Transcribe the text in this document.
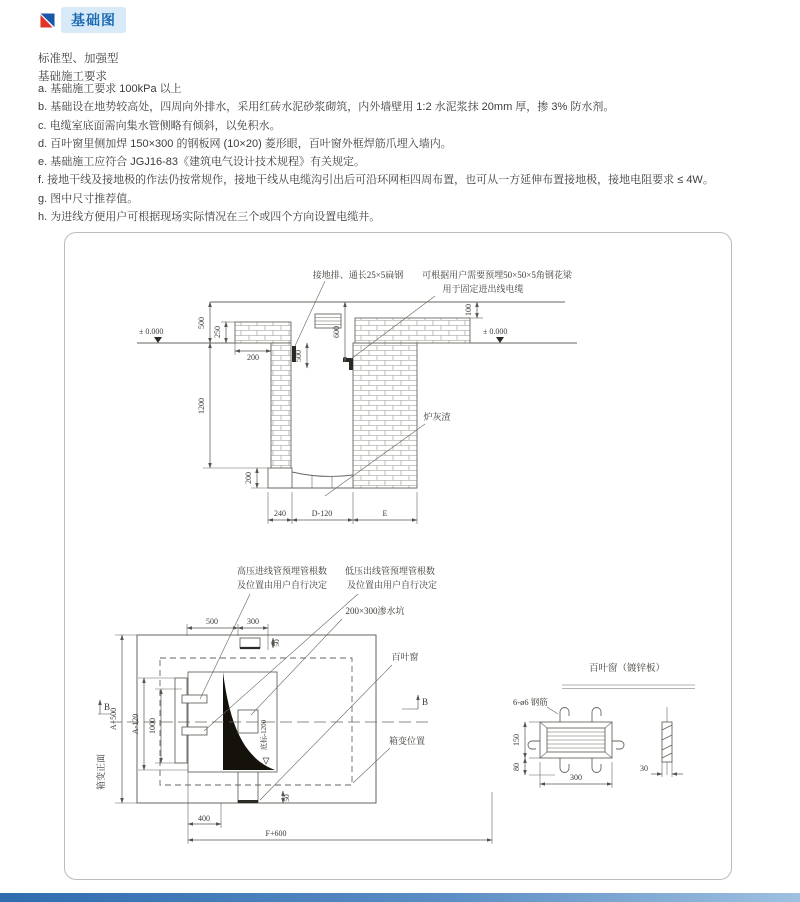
基础图
标准型、加强型
基础施工要求
a. 基础施工要求 100kPa 以上
b. 基础设在地势较高处，四周向外排水，采用红砖水泥砂浆砌筑，内外墙壁用 1:2 水泥浆抹 20mm 厚，掺 3% 防水剂。
c. 电缆室底面需向集水管侧略有倾斜，以免积水。
d. 百叶窗里侧加焊 150×300 的钢板网 (10×20) 菱形眼，百叶窗外框焊筋爪埋入墙内。
e. 基础施工应符合 JGJ16-83《建筑电气设计技术规程》有关规定。
f. 接地干线及接地极的作法仍按常规作，接地干线从电缆沟引出后可沿环网柜四周布置，也可从一方延伸布置接地极，接地电阻要求 ≤ 4W。
g. 图中尺寸推荐值。
h. 为进线方便用户可根据现场实际情况在三个或四个方向设置电缆井。
接地排、通长25×5扁钢 可根据用户需要预埋50×50×5角钢花梁
用于固定进出线电缆
± 0.000	± 0.000
500
250
200
1200
200
500
600
100
240	D-120	E
炉灰渣
高压进线管预埋管根数
及位置由用户自行决定
低压出线管预埋管根数
及位置由用户自行决定
200×300渗水坑
百叶窗
箱变位置
箱变正面
B	B
500	300
50
A+500 A-120 1000	底标-1200
50
400
F+600
百叶窗（镀锌板）
6-ø6 钢筋
150
80
300
30
